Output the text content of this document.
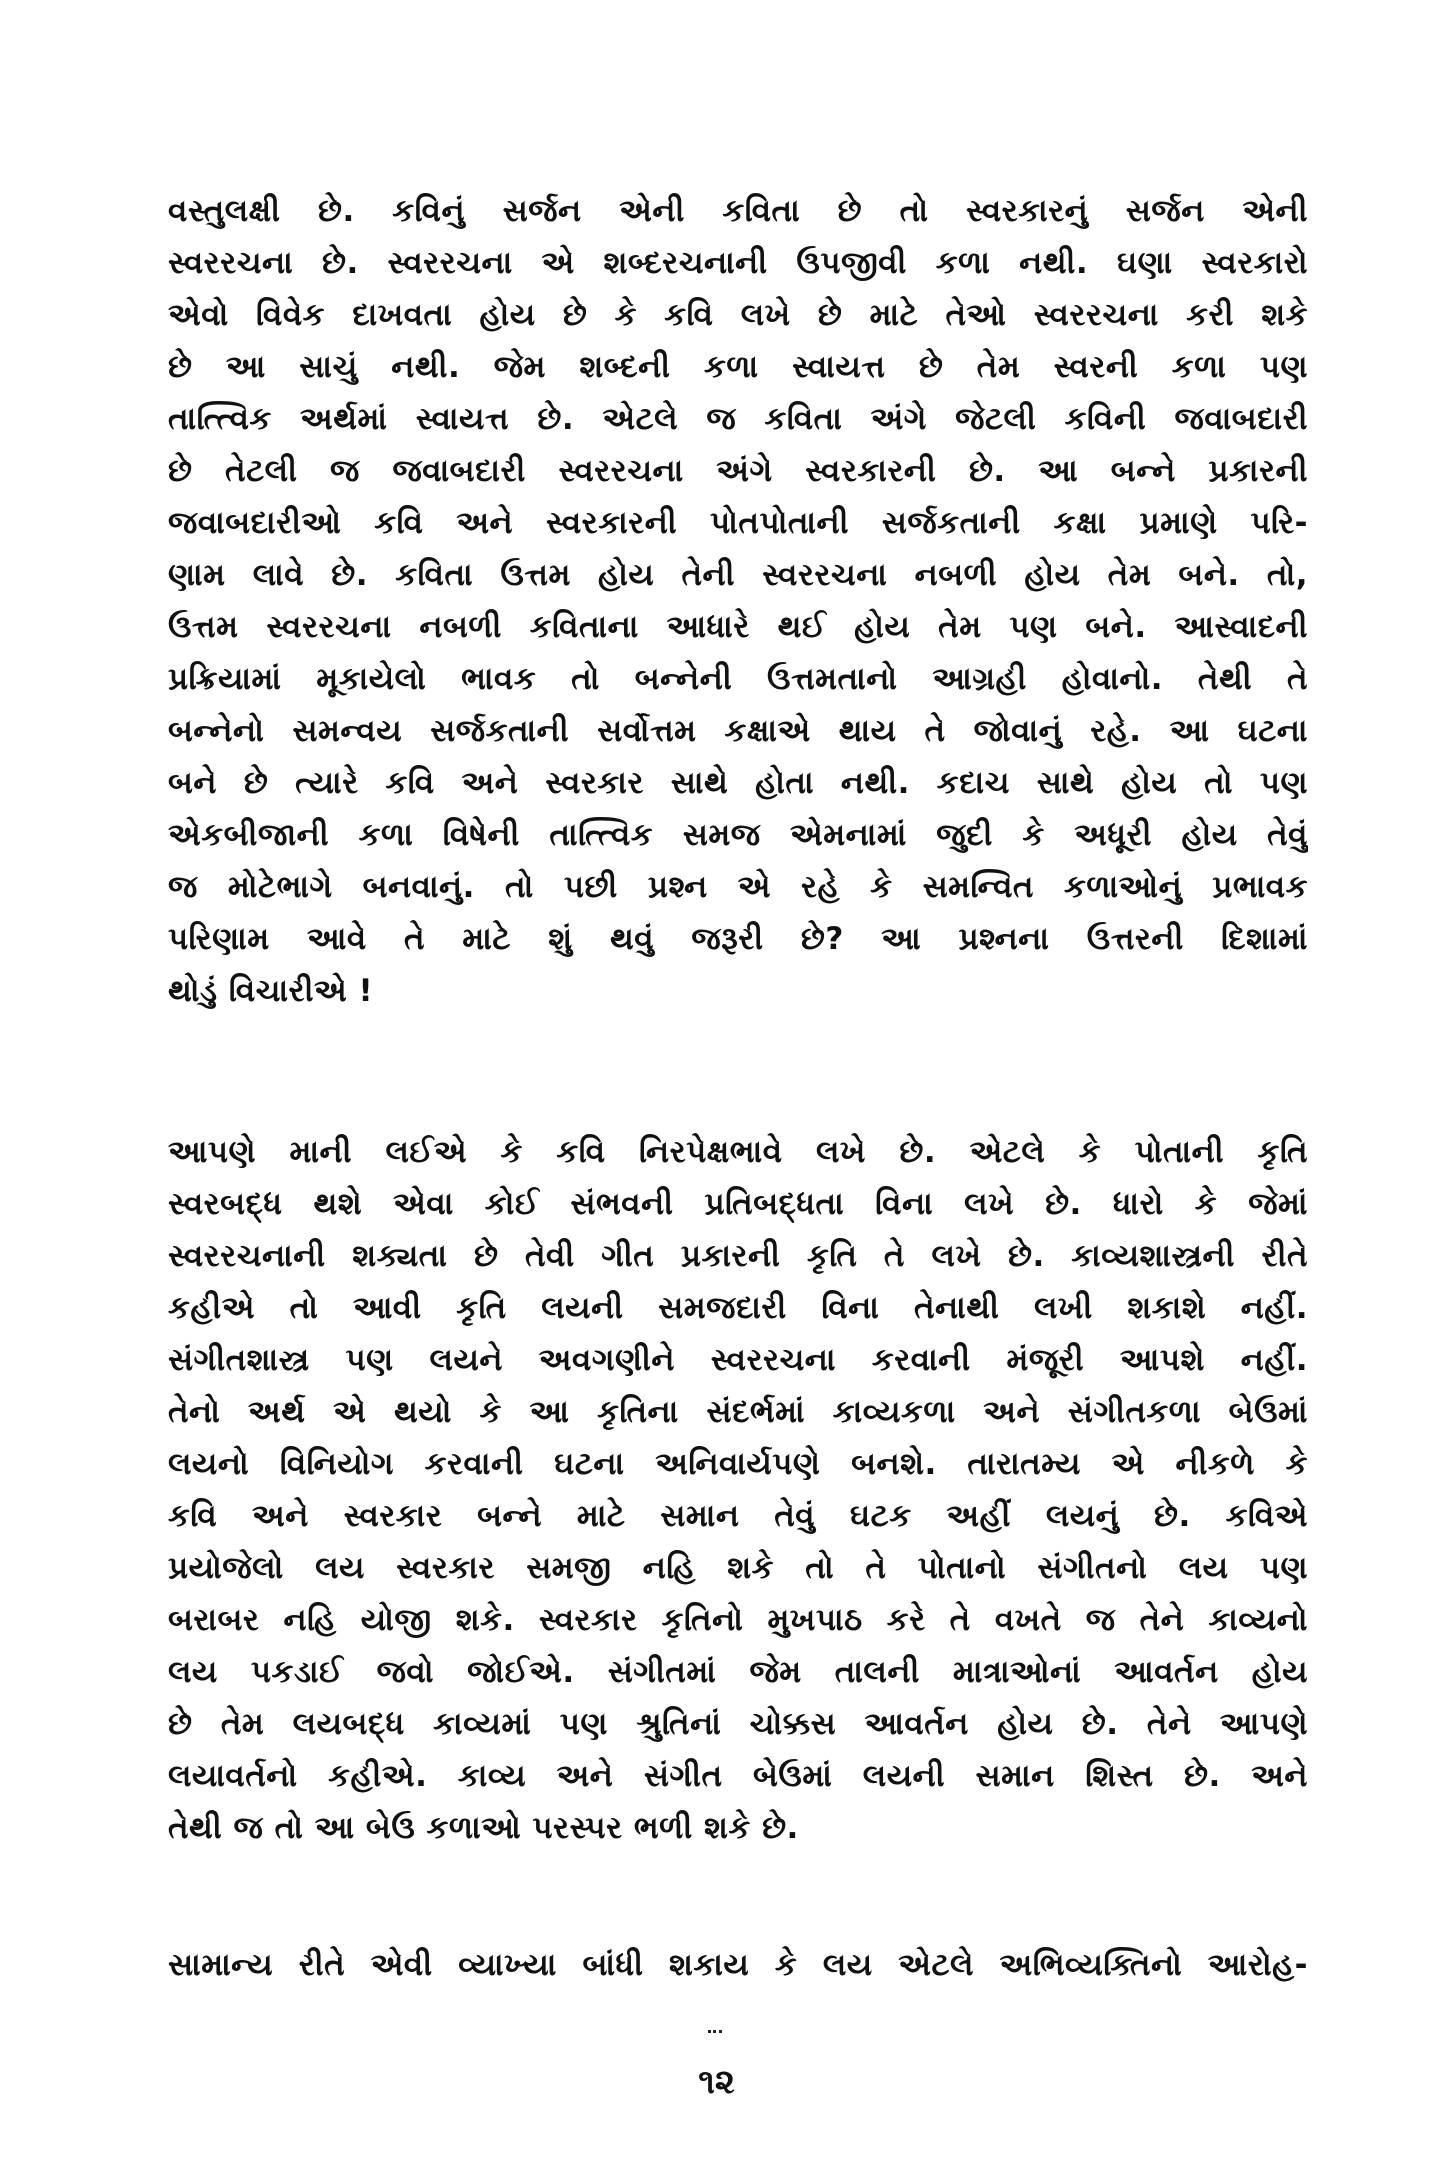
વસ્તુલક્ષી છે. કવિનું સર્જન એની કવિતા છે તો સ્વરકારનું સર્જન એની
સ્વરરચના છે. સ્વરરચના એ શબ્દરચનાની ઉપજીવી કળા નથી. ઘણા સ્વરકારો
એવો વિવેક દાખવતા હોય છે કે કવિ લખે છે માટે તેઓ સ્વરરચના કરી શકે
છે આ સાચું નથી. જેમ શબ્દની કળા સ્વાયત્ત છે તેમ સ્વરની કળા પણ
તાત્ત્વિક અર્થમાં સ્વાયત્ત છે. એટલે જ કવિતા અંગે જેટલી કવિની જવાબદારી
છે તેટલી જ જવાબદારી સ્વરરચના અંગે સ્વરકારની છે. આ બન્ને પ્રકારની
જવાબદારીઓ કવિ અને સ્વરકારની પોતપોતાની સર્જકતાની કક્ષા પ્રમાણે પરિ-
ણામ લાવે છે. કવિતા ઉત્તમ હોય તેની સ્વરરચના નબળી હોય તેમ બને. તો,
ઉત્તમ સ્વરરચના નબળી કવિતાના આધારે થઈ હોય તેમ પણ બને. આસ્વાદની
પ્રક્રિયામાં મૂકાયેલો ભાવક તો બન્નેની ઉત્તમતાનો આગ્રહી હોવાનો. તેથી તે
બન્નેનો સમન્વય સર્જકતાની સર્વોત્તમ કક્ષાએ થાય તે જોવાનું રહે. આ ઘટના
બને છે ત્યારે કવિ અને સ્વરકાર સાથે હોતા નથી. કદાચ સાથે હોય તો પણ
એકબીજાની કળા વિષેની તાત્ત્વિક સમજ એમનામાં જુદી કે અધૂરી હોય તેવું
જ મોટેભાગે બનવાનું. તો પછી પ્રશ્ન એ રહે કે સમન્વિત કળાઓનું પ્રભાવક
પરિણામ આવે તે માટે શું થવું જરૂરી છે? આ પ્રશ્નના ઉત્તરની દિશામાં
થોડું વિચારીએ !
આપણે માની લઈએ કે કવિ નિરપેક્ષભાવે લખે છે. એટલે કે પોતાની કૃતિ
સ્વરબદ્ધ થશે એવા કોઈ સંભવની પ્રતિબદ્ધતા વિના લખે છે. ધારો કે જેમાં
સ્વરરચનાની શક્યતા છે તેવી ગીત પ્રકારની કૃતિ તે લખે છે. કાવ્યશાસ્ત્રની રીતે
કહીએ તો આવી કૃતિ લયની સમજદારી વિના તેનાથી લખી શકાશે નહીં.
સંગીતશાસ્ત્ર પણ લયને અવગણીને સ્વરરચના કરવાની મંજૂરી આપશે નહીં.
તેનો અર્થ એ થયો કે આ કૃતિના સંદર્ભમાં કાવ્યકળા અને સંગીતકળા બેઉમાં
લયનો વિનિયોગ કરવાની ઘટના અનિવાર્યપણે બનશે. તારાતમ્ય એ નીકળે કે
કવિ અને સ્વરકાર બન્ને માટે સમાન તેવું ઘટક અહીં લયનું છે. કવિએ
પ્રયોજેલો લય સ્વરકાર સમજી નહિ શકે તો તે પોતાનો સંગીતનો લય પણ
બરાબર નહિ યોજી શકે. સ્વરકાર કૃતિનો મુખપાઠ કરે તે વખતે જ તેને કાવ્યનો
લય પકડાઈ જવો જોઈએ. સંગીતમાં જેમ તાલની માત્રાઓનાં આવર્તન હોય
છે તેમ લયબદ્ધ કાવ્યમાં પણ શ્રુતિનાં ચોક્કસ આવર્તન હોય છે. તેને આપણે
લયાવર્તનો કહીએ. કાવ્ય અને સંગીત બેઉમાં લયની સમાન શિસ્ત છે. અને
તેથી જ તો આ બેઉ કળાઓ પરસ્પર ભળી શકે છે.
સામાન્ય રીતે એવી વ્યાખ્યા બાંધી શકાય કે લય એટલે અભિવ્યક્તિનો આરોહ-
૧૨
